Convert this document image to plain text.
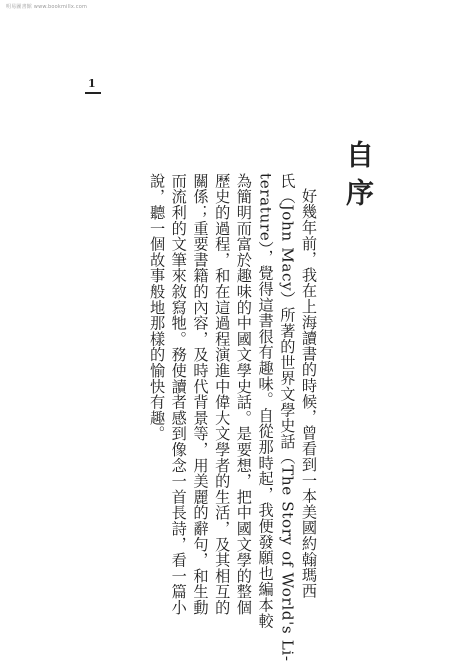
明易圖書館 www.bookmillx.com
自序
好幾年前，我在上海讀書的時候，曾看到一本美國約翰瑪西
氏（John Macy）所著的世界文學史話（The Story of World's Li-
terature），覺得這書很有趣味。自從那時起，我便發願也編本較
為簡明而富於趣味的中國文學史話。是要想，把中國文學的整個
歷史的過程，和在這過程演進中偉大文學者的生活，及其相互的
關係；重要書籍的內容，及時代背景等，用美麗的辭句，和生動
而流利的文筆來敘寫牠。務使讀者感到像念一首長詩，看一篇小
說，聽一個故事般地那樣的愉快有趣。
1
